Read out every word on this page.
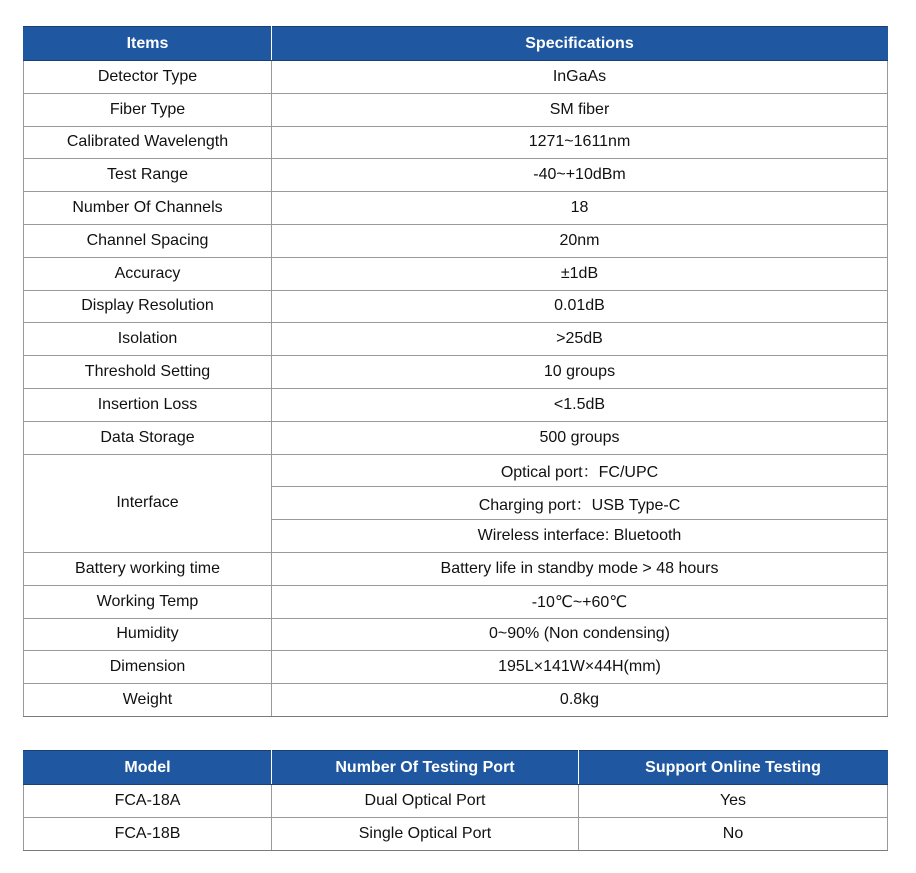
Items	Specifications
Detector Type	InGaAs
Fiber Type	SM fiber
Calibrated Wavelength	1271~1611nm
Test Range	-40~+10dBm
Number Of Channels	18
Channel Spacing	20nm
Accuracy	±1dB
Display Resolution	0.01dB
Isolation	>25dB
Threshold Setting	10 groups
Insertion Loss	<1.5dB
Data Storage	500 groups
Interface	Optical port：FC/UPC
	Charging port：USB Type-C
	Wireless interface: Bluetooth
Battery working time	Battery life in standby mode > 48 hours
Working Temp	-10℃~+60℃
Humidity	0~90% (Non condensing)
Dimension	195L×141W×44H(mm)
Weight	0.8kg
Model	Number Of Testing Port	Support Online Testing
FCA-18A	Dual Optical Port	Yes
FCA-18B	Single Optical Port	No
